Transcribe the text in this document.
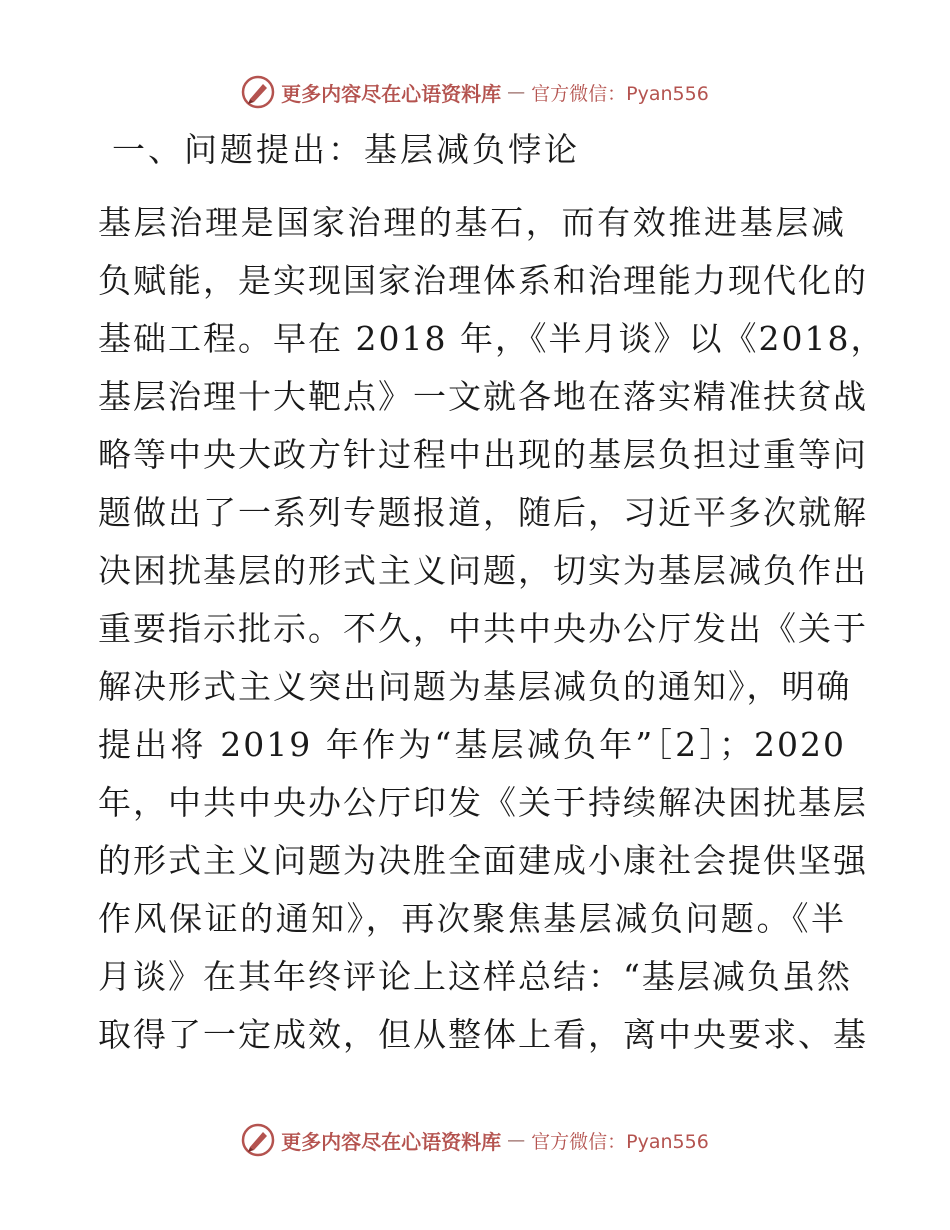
更多内容尽在心语资料库 — 官方微信：Pyan556
一、问题提出：基层减负悖论
基层治理是国家治理的基石，而有效推进基层减
负赋能，是实现国家治理体系和治理能力现代化的
基础工程。早在 2018 年，《半月谈》以《2018，
基层治理十大靶点》一文就各地在落实精准扶贫战
略等中央大政方针过程中出现的基层负担过重等问
题做出了一系列专题报道，随后，习近平多次就解
决困扰基层的形式主义问题，切实为基层减负作出
重要指示批示。不久，中共中央办公厅发出《关于
解决形式主义突出问题为基层减负的通知》，明确
提出将 2019 年作为“基层减负年”［2］；2020
年，中共中央办公厅印发《关于持续解决困扰基层
的形式主义问题为决胜全面建成小康社会提供坚强
作风保证的通知》，再次聚焦基层减负问题。《半
月谈》在其年终评论上这样总结：“基层减负虽然
取得了一定成效，但从整体上看，离中央要求、基
更多内容尽在心语资料库 — 官方微信：Pyan556
